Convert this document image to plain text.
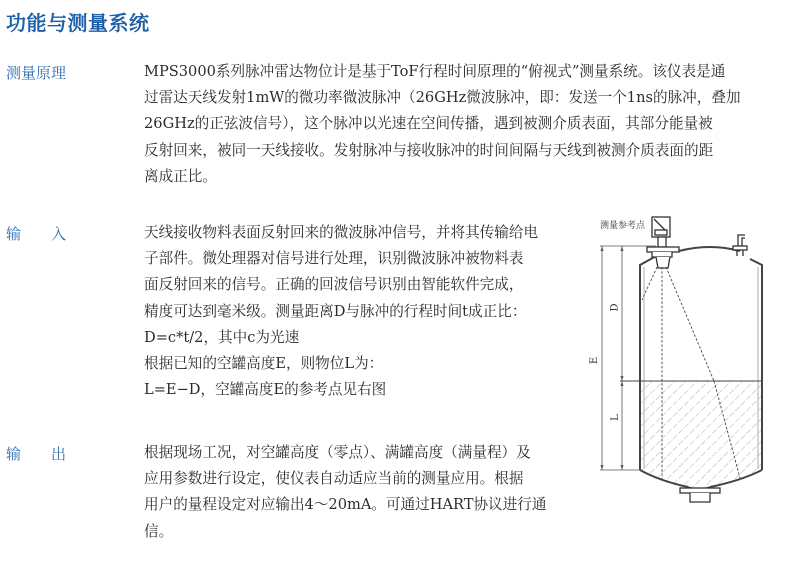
功能与测量系统
测量原理	MPS3000系列脉冲雷达物位计是基于ToF行程时间原理的“俯视式”测量系统。该仪表是通
过雷达天线发射1mW的微功率微波脉冲（26GHz微波脉冲，即：发送一个1ns的脉冲，叠加
26GHz的正弦波信号），这个脉冲以光速在空间传播，遇到被测介质表面，其部分能量被
反射回来，被同一天线接收。发射脉冲与接收脉冲的时间间隔与天线到被测介质表面的距
离成正比。
输　　入	天线接收物料表面反射回来的微波脉冲信号，并将其传输给电
子部件。微处理器对信号进行处理，识别微波脉冲被物料表
面反射回来的信号。正确的回波信号识别由智能软件完成，
精度可达到毫米级。测量距离D与脉冲的行程时间t成正比：
D=c*t/2，其中c为光速
根据已知的空罐高度E，则物位L为：
L=E−D，空罐高度E的参考点见右图
输　　出	根据现场工况，对空罐高度（零点）、满罐高度（满量程）及
应用参数进行设定，使仪表自动适应当前的测量应用。根据
用户的量程设定对应输出4～20mA。可通过HART协议进行通
信。
测量参考点
E
D
L
